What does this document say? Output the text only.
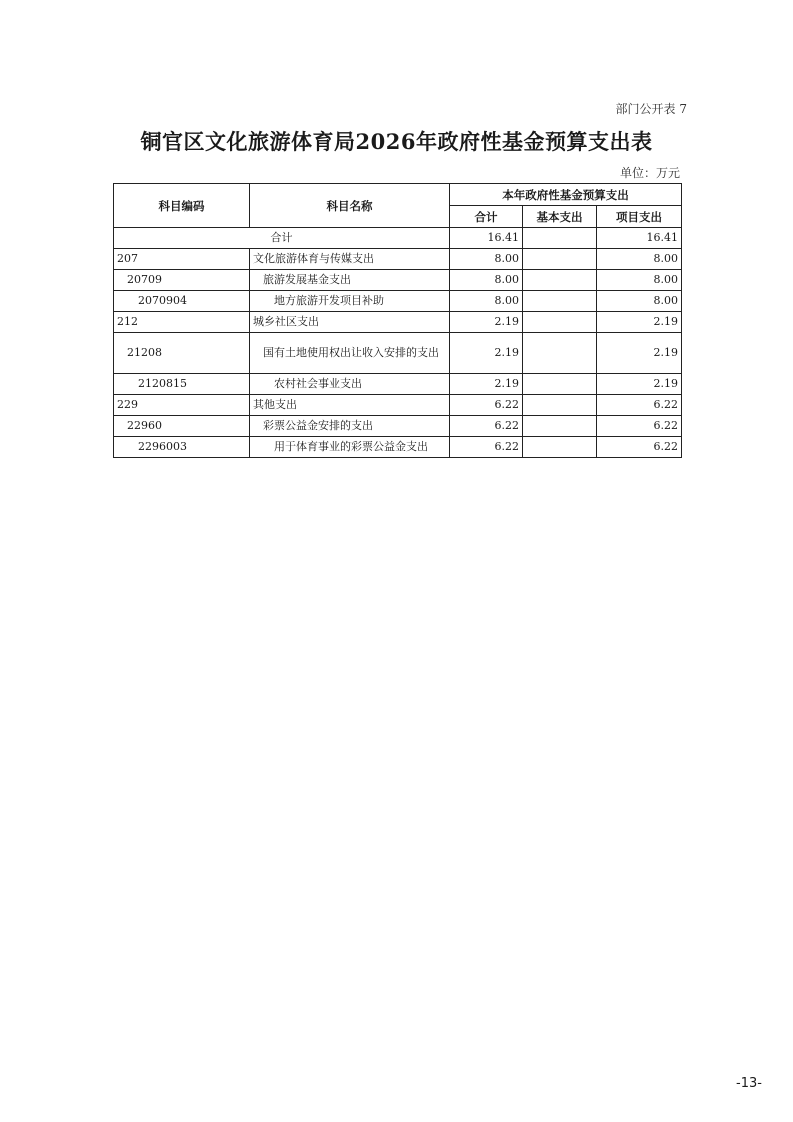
部门公开表 7
铜官区文化旅游体育局2026年政府性基金预算支出表
单位：万元
科目编码	科目名称	本年政府性基金预算支出		
		合计	基本支出	项目支出
合计		16.41		16.41
207	文化旅游体育与传媒支出	8.00		8.00
20709	旅游发展基金支出	8.00		8.00
2070904	地方旅游开发项目补助	8.00		8.00
212	城乡社区支出	2.19		2.19
21208	国有土地使用权出让收入安排的支出	2.19		2.19
2120815	农村社会事业支出	2.19		2.19
229	其他支出	6.22		6.22
22960	彩票公益金安排的支出	6.22		6.22
2296003	用于体育事业的彩票公益金支出	6.22		6.22
-13-
